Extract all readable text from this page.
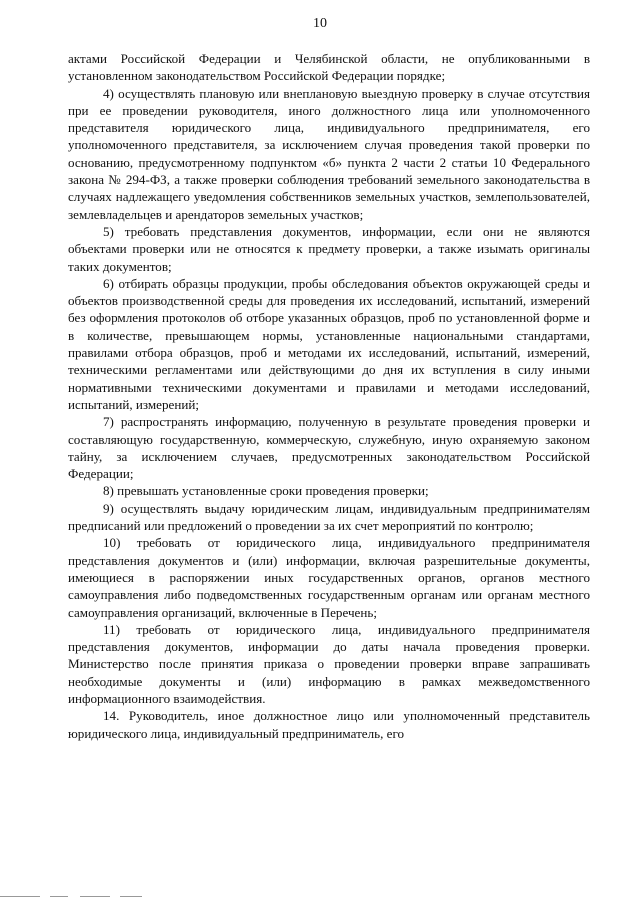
10

актами Российской Федерации и Челябинской области, не опубликованными в установленном законодательством Российской Федерации порядке;

4) осуществлять плановую или внеплановую выездную проверку в случае отсутствия при ее проведении руководителя, иного должностного лица или уполномоченного представителя юридического лица, индивидуального предпринимателя, его уполномоченного представителя, за исключением случая проведения такой проверки по основанию, предусмотренному подпунктом «б» пункта 2 части 2 статьи 10 Федерального закона № 294-ФЗ, а также проверки соблюдения требований земельного законодательства в случаях надлежащего уведомления собственников земельных участков, землепользователей, землевладельцев и арендаторов земельных участков;

5) требовать представления документов, информации, если они не являются объектами проверки или не относятся к предмету проверки, а также изымать оригиналы таких документов;

6) отбирать образцы продукции, пробы обследования объектов окружающей среды и объектов производственной среды для проведения их исследований, испытаний, измерений без оформления протоколов об отборе указанных образцов, проб по установленной форме и в количестве, превышающем нормы, установленные национальными стандартами, правилами отбора образцов, проб и методами их исследований, испытаний, измерений, техническими регламентами или действующими до дня их вступления в силу иными нормативными техническими документами и правилами и методами исследований, испытаний, измерений;

7) распространять информацию, полученную в результате проведения проверки и составляющую государственную, коммерческую, служебную, иную охраняемую законом тайну, за исключением случаев, предусмотренных законодательством Российской Федерации;

8) превышать установленные сроки проведения проверки;

9) осуществлять выдачу юридическим лицам, индивидуальным предпринимателям предписаний или предложений о проведении за их счет мероприятий по контролю;

10) требовать от юридического лица, индивидуального предпринимателя представления документов и (или) информации, включая разрешительные документы, имеющиеся в распоряжении иных государственных органов, органов местного самоуправления либо подведомственных государственным органам или органам местного самоуправления организаций, включенные в Перечень;

11) требовать от юридического лица, индивидуального предпринимателя представления документов, информации до даты начала проведения проверки. Министерство после принятия приказа о проведении проверки вправе запрашивать необходимые документы и (или) информацию в рамках межведомственного информационного взаимодействия.

14. Руководитель, иное должностное лицо или уполномоченный представитель юридического лица, индивидуальный предприниматель, его
